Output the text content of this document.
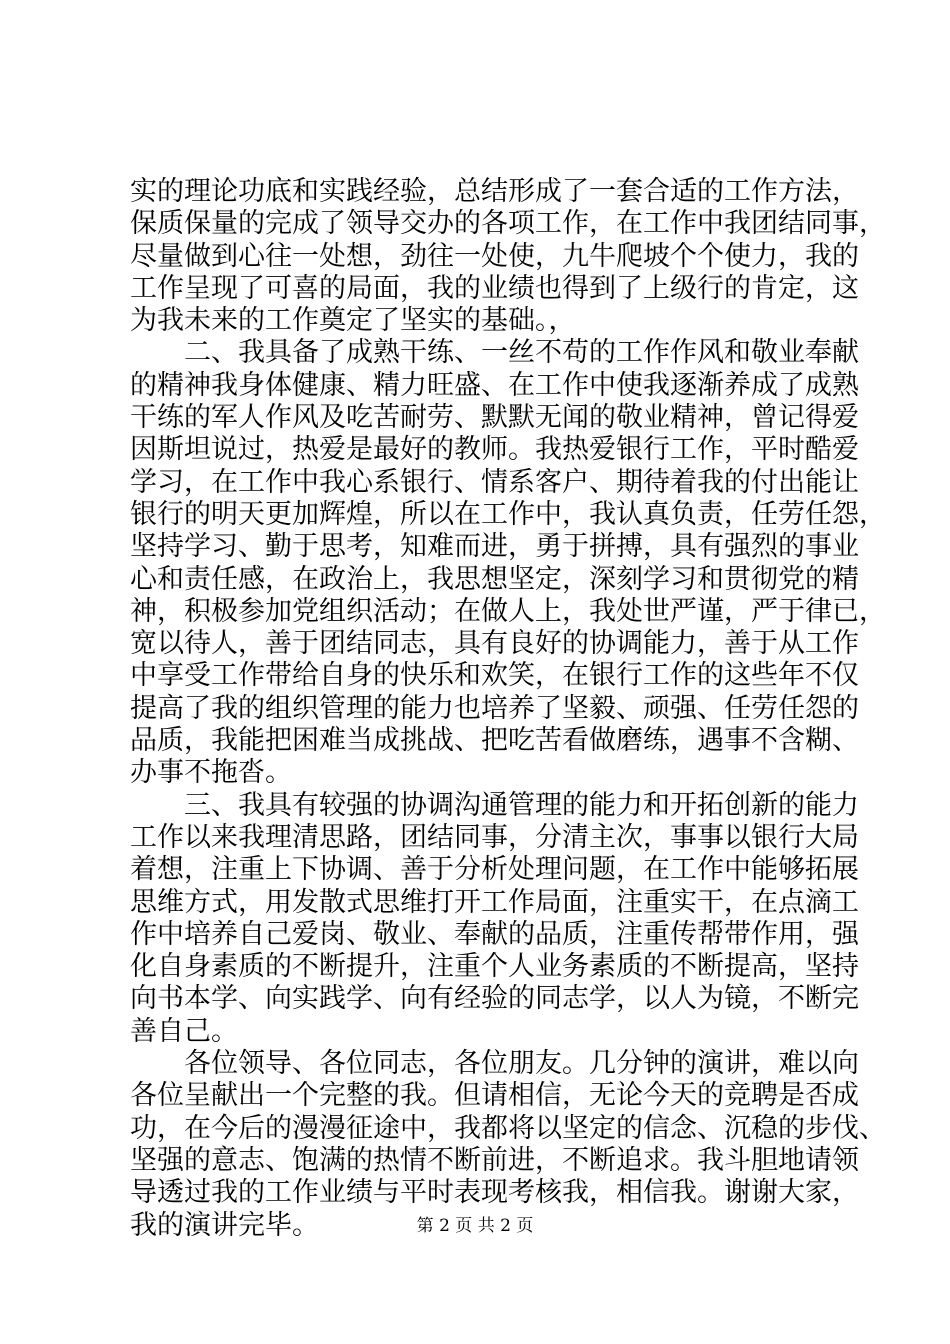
实的理论功底和实践经验，总结形成了一套合适的工作方法，
保质保量的完成了领导交办的各项工作，在工作中我团结同事，
尽量做到心往一处想，劲往一处使，九牛爬坡个个使力，我的
工作呈现了可喜的局面，我的业绩也得到了上级行的肯定，这
为我未来的工作奠定了坚实的基础。，
二、我具备了成熟干练、一丝不苟的工作作风和敬业奉献
的精神我身体健康、精力旺盛、在工作中使我逐渐养成了成熟
干练的军人作风及吃苦耐劳、默默无闻的敬业精神，曾记得爱
因斯坦说过，热爱是最好的教师。我热爱银行工作，平时酷爱
学习，在工作中我心系银行、情系客户、期待着我的付出能让
银行的明天更加辉煌，所以在工作中，我认真负责，任劳任怨，
坚持学习、勤于思考，知难而进，勇于拼搏，具有强烈的事业
心和责任感，在政治上，我思想坚定，深刻学习和贯彻党的精
神，积极参加党组织活动；在做人上，我处世严谨，严于律已，
宽以待人，善于团结同志，具有良好的协调能力，善于从工作
中享受工作带给自身的快乐和欢笑，在银行工作的这些年不仅
提高了我的组织管理的能力也培养了坚毅、顽强、任劳任怨的
品质，我能把困难当成挑战、把吃苦看做磨练，遇事不含糊、
办事不拖沓。
三、我具有较强的协调沟通管理的能力和开拓创新的能力
工作以来我理清思路，团结同事，分清主次，事事以银行大局
着想，注重上下协调、善于分析处理问题，在工作中能够拓展
思维方式，用发散式思维打开工作局面，注重实干，在点滴工
作中培养自己爱岗、敬业、奉献的品质，注重传帮带作用，强
化自身素质的不断提升，注重个人业务素质的不断提高，坚持
向书本学、向实践学、向有经验的同志学，以人为镜，不断完
善自己。
各位领导、各位同志，各位朋友。几分钟的演讲，难以向
各位呈献出一个完整的我。但请相信，无论今天的竞聘是否成
功，在今后的漫漫征途中，我都将以坚定的信念、沉稳的步伐、
坚强的意志、饱满的热情不断前进，不断追求。我斗胆地请领
导透过我的工作业绩与平时表现考核我，相信我。谢谢大家，
我的演讲完毕。	第 2 页 共 2 页
